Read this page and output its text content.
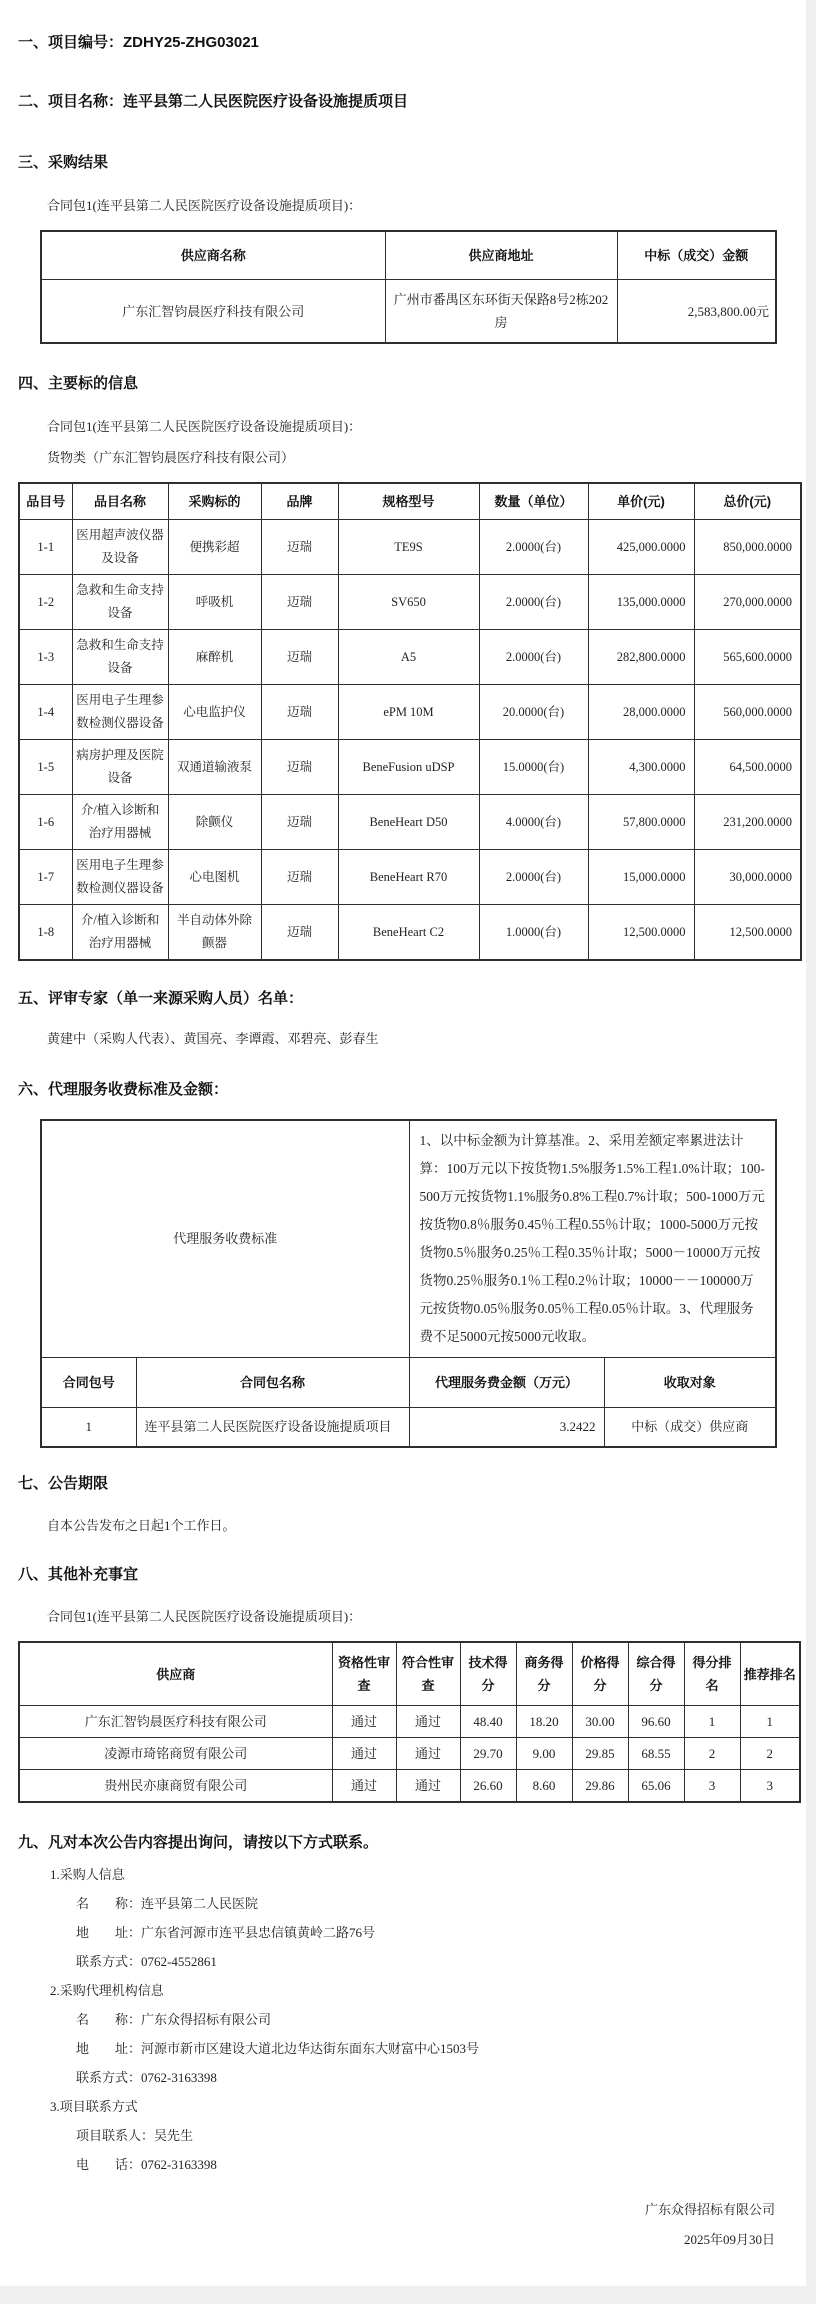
一、项目编号：ZDHY25-ZHG03021
二、项目名称：连平县第二人民医院医疗设备设施提质项目
三、采购结果
合同包1(连平县第二人民医院医疗设备设施提质项目)：
供应商名称	供应商地址	中标（成交）金额
广东汇智钧晨医疗科技有限公司	广州市番禺区东环街天保路8号2栋202房	2,583,800.00元
四、主要标的信息
合同包1(连平县第二人民医院医疗设备设施提质项目)：
货物类（广东汇智钧晨医疗科技有限公司）
品目号	品目名称	采购标的	品牌	规格型号	数量（单位）	单价(元)	总价(元)
1-1	医用超声波仪器及设备	便携彩超	迈瑞	TE9S	2.0000(台)	425,000.0000	850,000.0000
1-2	急救和生命支持设备	呼吸机	迈瑞	SV650	2.0000(台)	135,000.0000	270,000.0000
1-3	急救和生命支持设备	麻醉机	迈瑞	A5	2.0000(台)	282,800.0000	565,600.0000
1-4	医用电子生理参数检测仪器设备	心电监护仪	迈瑞	ePM 10M	20.0000(台)	28,000.0000	560,000.0000
1-5	病房护理及医院设备	双通道输液泵	迈瑞	BeneFusion uDSP	15.0000(台)	4,300.0000	64,500.0000
1-6	介/植入诊断和治疗用器械	除颤仪	迈瑞	BeneHeart D50	4.0000(台)	57,800.0000	231,200.0000
1-7	医用电子生理参数检测仪器设备	心电图机	迈瑞	BeneHeart R70	2.0000(台)	15,000.0000	30,000.0000
1-8	介/植入诊断和治疗用器械	半自动体外除颤器	迈瑞	BeneHeart C2	1.0000(台)	12,500.0000	12,500.0000
五、评审专家（单一来源采购人员）名单：
黄建中（采购人代表）、黄国亮、李谭霞、邓碧亮、彭春生
六、代理服务收费标准及金额：
代理服务收费标准		1、以中标金额为计算基准。2、采用差额定率累进法计算：100万元以下按货物1.5%服务1.5%工程1.0%计取；100-500万元按货物1.1%服务0.8%工程0.7%计取；500-1000万元按货物0.8％服务0.45％工程0.55％计取；1000-5000万元按货物0.5％服务0.25％工程0.35％计取；5000－10000万元按货物0.25％服务0.1％工程0.2％计取；10000－－100000万元按货物0.05％服务0.05％工程0.05％计取。3、代理服务费不足5000元按5000元收取。	
合同包号	合同包名称	代理服务费金额（万元）	收取对象
1	连平县第二人民医院医疗设备设施提质项目	3.2422	中标（成交）供应商
七、公告期限
自本公告发布之日起1个工作日。
八、其他补充事宜
合同包1(连平县第二人民医院医疗设备设施提质项目)：
供应商	资格性审查	符合性审查	技术得分	商务得分	价格得分	综合得分	得分排名	推荐排名
广东汇智钧晨医疗科技有限公司	通过	通过	48.40	18.20	30.00	96.60	1	1
凌源市琦铭商贸有限公司	通过	通过	29.70	9.00	29.85	68.55	2	2
贵州民亦康商贸有限公司	通过	通过	26.60	8.60	29.86	65.06	3	3
九、凡对本次公告内容提出询问，请按以下方式联系。
1.采购人信息
名　　称：连平县第二人民医院
地　　址：广东省河源市连平县忠信镇黄岭二路76号
联系方式：0762-4552861
2.采购代理机构信息
名　　称：广东众得招标有限公司
地　　址：河源市新市区建设大道北边华达街东面东大财富中心1503号
联系方式：0762-3163398
3.项目联系方式
项目联系人：吴先生
电　　话：0762-3163398
广东众得招标有限公司
2025年09月30日
